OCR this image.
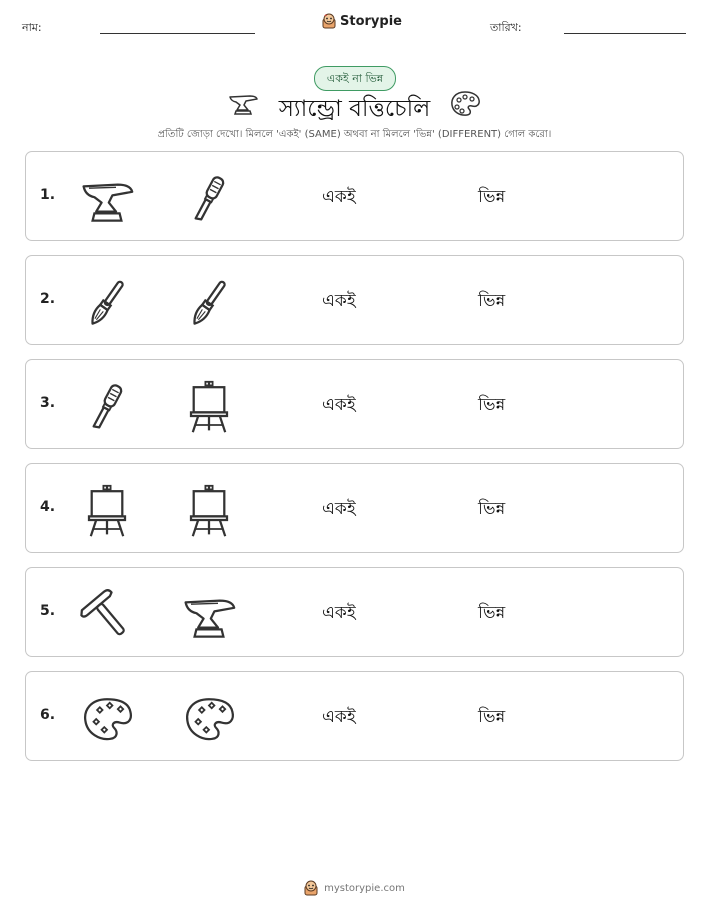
নাম:	Storypie	তারিখ:
একই না ভিন্ন
স্যান্ড্রো বত্তিচেলি
প্রতিটি জোড়া দেখো। মিললে 'একই' (SAME) অথবা না মিললে 'ভিন্ন' (DIFFERENT) গোল করো।
1.	একই	ভিন্ন
2.	একই	ভিন্ন
3.	একই	ভিন্ন
4.	একই	ভিন্ন
5.	একই	ভিন্ন
6.	একই	ভিন্ন
mystorypie.com
